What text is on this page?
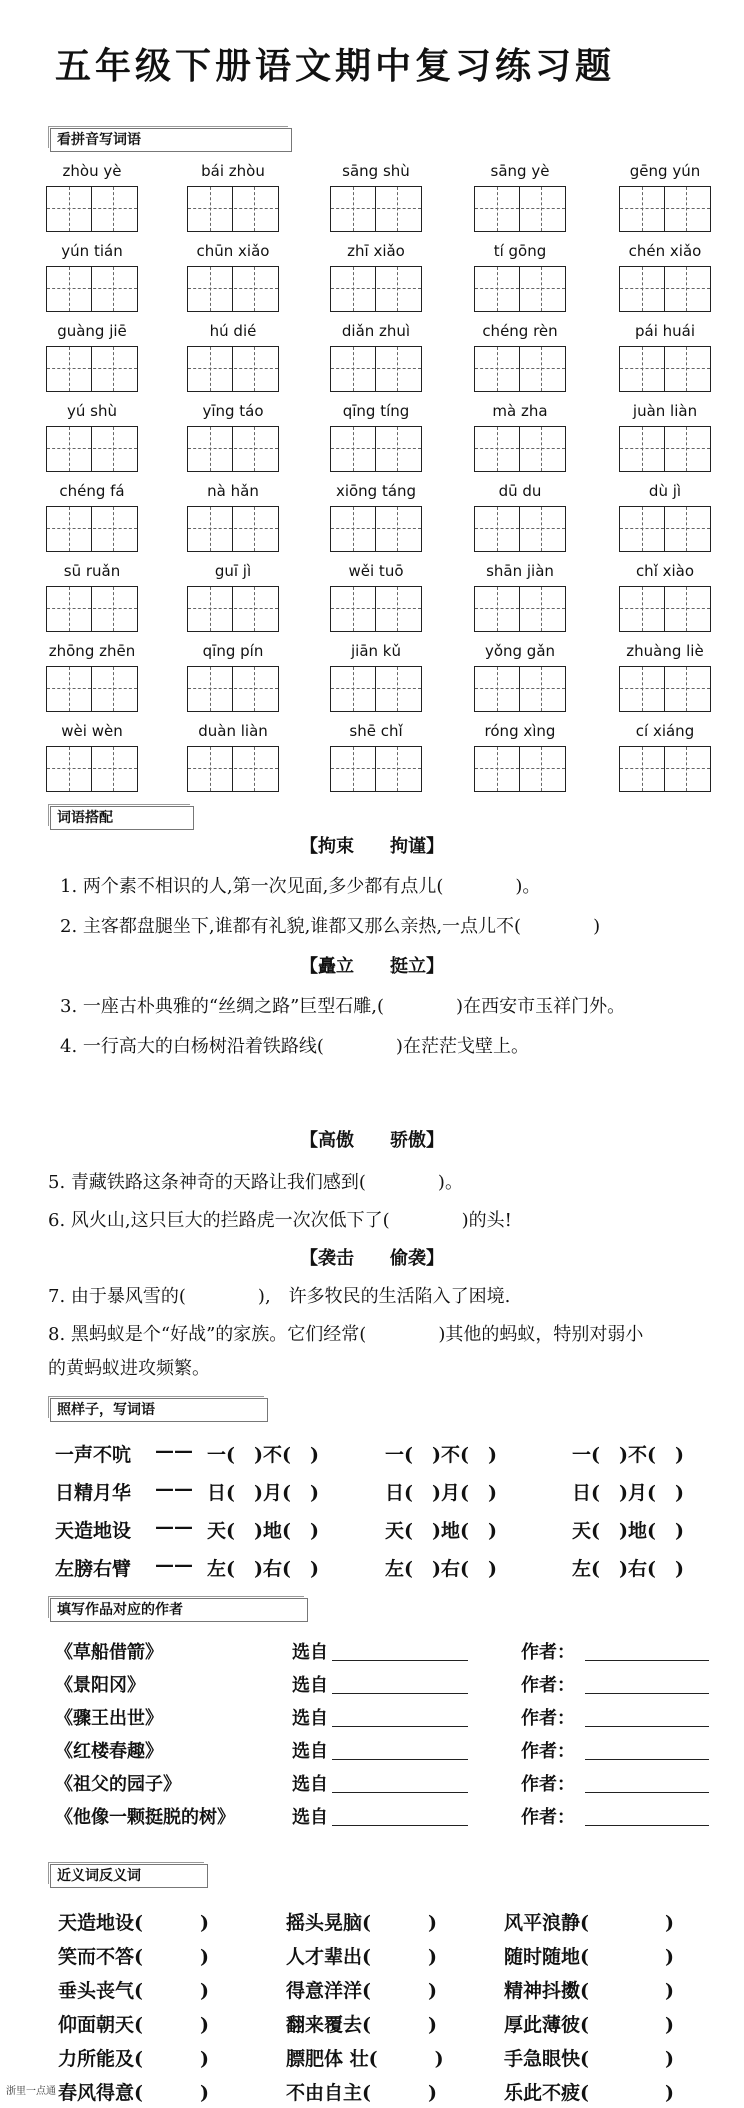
五年级下册语文期中复习练习题
看拼音写词语
zhòu yè	bái zhòu	sāng shù	sāng yè	gēng yún
yún tián	chūn xiǎo	zhī xiǎo	tí gōng	chén xiǎo
guàng jiē	hú dié	diǎn zhuì	chéng rèn	pái huái
yú shù	yīng táo	qīng tíng	mà zha	juàn liàn
chéng fá	nà hǎn	xiōng táng	dū du	dù jì
sū ruǎn	guī jì	wěi tuō	shān jiàn	chǐ xiào
zhōng zhēn	qīng pín	jiān kǔ	yǒng gǎn	zhuàng liè
wèi wèn	duàn liàn	shē chǐ	róng xìng	cí xiáng
词语搭配
【拘束　　拘谨】
1. 两个素不相识的人,第一次见面,多少都有点儿(　　　　)。
2. 主客都盘腿坐下,谁都有礼貌,谁都又那么亲热,一点儿不(　　　　)
【矗立　　挺立】
3. 一座古朴典雅的“丝绸之路”巨型石雕,(　　　　)在西安市玉祥门外。
4. 一行高大的白杨树沿着铁路线(　　　　)在茫茫戈壁上。
【高傲　　骄傲】
5. 青藏铁路这条神奇的天路让我们感到(　　　　)。
6. 风火山,这只巨大的拦路虎一次次低下了(　　　　)的头!
【袭击　　偷袭】
7. 由于暴风雪的(　　　　),　许多牧民的生活陷入了困境.
8. 黑蚂蚁是个“好战”的家族。它们经常(　　　　)其他的蚂蚁，特别对弱小
的黄蚂蚁进攻频繁。
照样子，写词语
一声不吭 —— 一(　)不(　)	一(　)不(　)	一(　)不(　)
日精月华 —— 日(　)月(　)	日(　)月(　)	日(　)月(　)
天造地设 —— 天(　)地(　)	天(　)地(　)	天(　)地(　)
左膀右臂 —— 左(　)右(　)	左(　)右(　)	左(　)右(　)
填写作品对应的作者
《草船借箭》	选自	作者：
《景阳冈》	选自	作者：
《骤王出世》	选自	作者：
《红楼春趣》	选自	作者：
《祖父的园子》	选自	作者：
《他像一颗挺脱的树》	选自	作者：
近义词反义词
天造地设(　　　)	摇头晃脑(　　　)	风平浪静(　　　　)
笑而不答(　　　)	人才辈出(　　　)	随时随地(　　　　)
垂头丧气(　　　)	得意洋洋(　　　)	精神抖擞(　　　　)
仰面朝天(　　　)	翻来覆去(　　　)	厚此薄彼(　　　　)
力所能及(　　　)	膘肥体 壮(　　　)	手急眼快(　　　　)
春风得意(　　　)	不由自主(　　　)	乐此不疲(　　　　)
浙里一点通
